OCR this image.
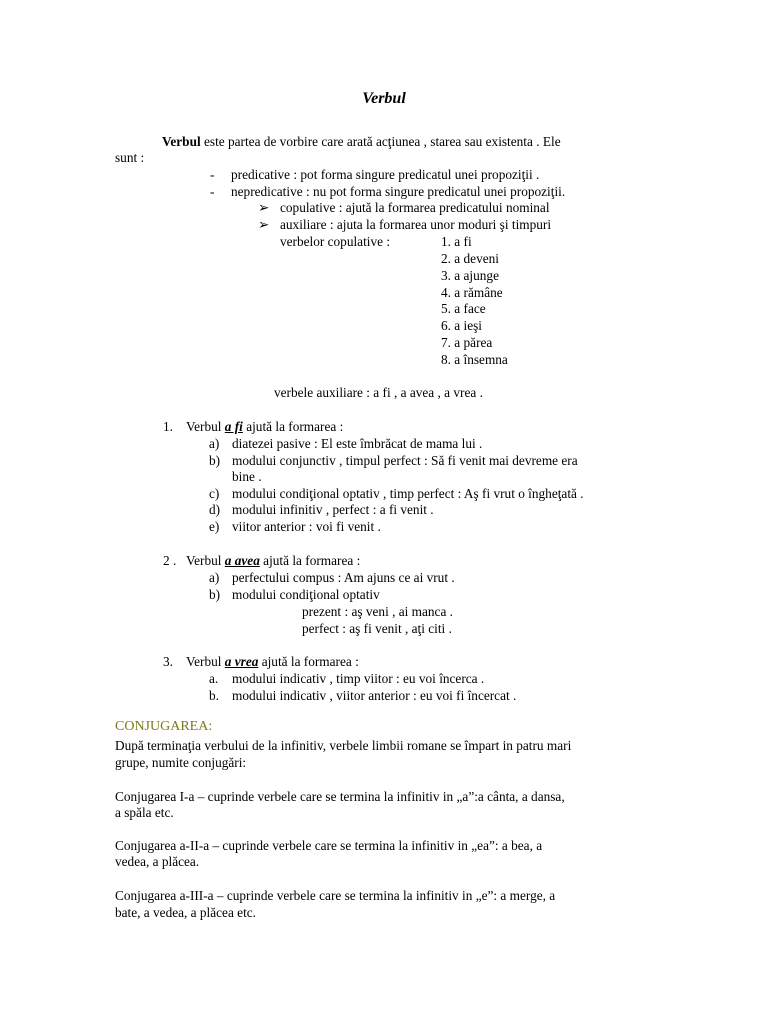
Verbul
Verbul este partea de vorbire care arată acţiunea , starea sau existenta . Ele
sunt :
- predicative : pot forma singure predicatul unei propoziţii .
- nepredicative : nu pot forma singure predicatul unei propoziţii.
➢ copulative : ajută la formarea predicatului nominal
➢ auxiliare : ajuta la formarea unor moduri şi timpuri
verbelor copulative :	1. a fi
2. a deveni
3. a ajunge
4. a rămâne
5. a face
6. a ieşi
7. a părea
8. a însemna
verbele auxiliare : a fi , a avea , a vrea .
1. Verbul a fi ajută la formarea :
a) diatezei pasive : El este îmbrăcat de mama lui .
b) modului conjunctiv , timpul perfect : Să fi venit mai devreme era
bine .
c) modului condiţional optativ , timp perfect : Aş fi vrut o îngheţată .
d) modului infinitiv , perfect : a fi venit .
e) viitor anterior : voi fi venit .
2 . Verbul a avea ajută la formarea :
a) perfectului compus : Am ajuns ce ai vrut .
b) modului condiţional optativ
prezent : aş veni , ai manca .
perfect : aş fi venit , aţi citi .
3. Verbul a vrea ajută la formarea :
a. modului indicativ , timp viitor : eu voi încerca .
b. modului indicativ , viitor anterior : eu voi fi încercat .
CONJUGAREA:
După terminaţia verbului de la infinitiv, verbele limbii romane se împart in patru mari
grupe, numite conjugări:
Conjugarea I-a – cuprinde verbele care se termina la infinitiv in „a”:a cânta, a dansa,
a spăla etc.
Conjugarea a-II-a – cuprinde verbele care se termina la infinitiv in „ea”: a bea, a
vedea, a plăcea.
Conjugarea a-III-a – cuprinde verbele care se termina la infinitiv in „e”: a merge, a
bate, a vedea, a plăcea etc.
